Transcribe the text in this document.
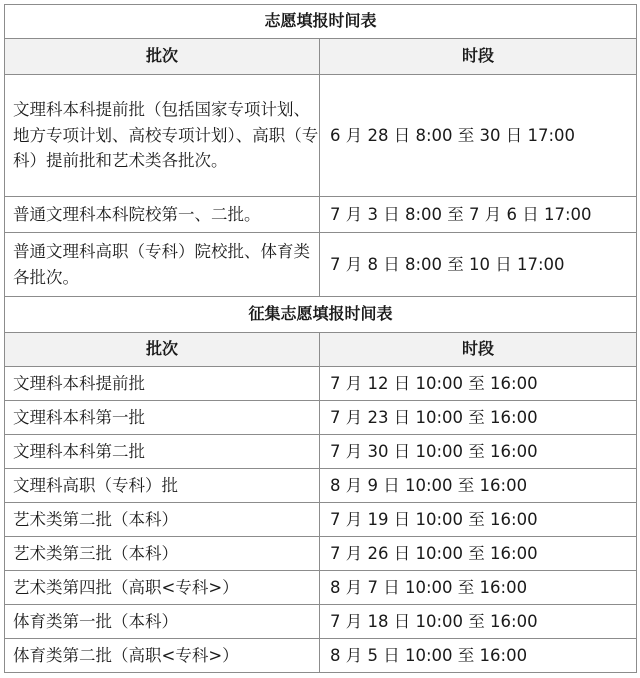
志愿填报时间表	
批次	时段
文理科本科提前批（包括国家专项计划、地方专项计划、高校专项计划）、高职（专科）提前批和艺术类各批次。	6 月 28 日 8:00 至 30 日 17:00
普通文理科本科院校第一、二批。	7 月 3 日 8:00 至 7 月 6 日 17:00
普通文理科高职（专科）院校批、体育类各批次。	7 月 8 日 8:00 至 10 日 17:00
征集志愿填报时间表	
批次	时段
文理科本科提前批	7 月 12 日 10:00 至 16:00
文理科本科第一批	7 月 23 日 10:00 至 16:00
文理科本科第二批	7 月 30 日 10:00 至 16:00
文理科高职（专科）批	8 月 9 日 10:00 至 16:00
艺术类第二批（本科）	7 月 19 日 10:00 至 16:00
艺术类第三批（本科）	7 月 26 日 10:00 至 16:00
艺术类第四批（高职<专科>）	8 月 7 日 10:00 至 16:00
体育类第一批（本科）	7 月 18 日 10:00 至 16:00
体育类第二批（高职<专科>）	8 月 5 日 10:00 至 16:00
